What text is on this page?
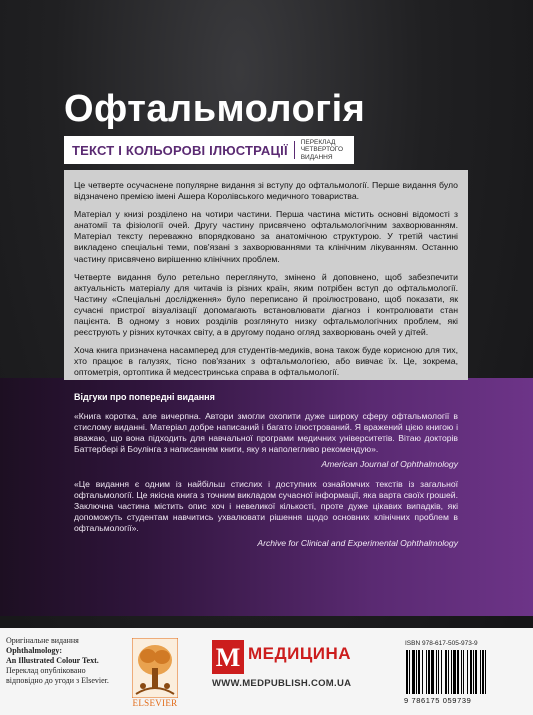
Офтальмологія
ТЕКСТ І КОЛЬОРОВІ ІЛЮСТРАЦІЇ
ПЕРЕКЛАД ЧЕТВЕРТОГО ВИДАННЯ

Це четверте осучаснене популярне видання зі вступу до офтальмології. Перше видання було відзначено премією імені Ашера Королівського медичного товариства.

Матеріал у книзі розділено на чотири частини. Перша частина містить основні відомості з анатомії та фізіології очей. Другу частину присвячено офтальмологічним захворюванням. Матеріал тексту переважно впорядковано за анатомічною структурою. У третій частині викладено спеціальні теми, пов'язані з захворюваннями та клінічним лікуванням. Останню частину присвячено вирішенню клінічних проблем.

Четверте видання було ретельно переглянуто, змінено й доповнено, щоб забезпечити актуальність матеріалу для читачів із різних країн, яким потрібен вступ до офтальмології. Частину «Спеціальні дослідження» було переписано й проілюстровано, щоб показати, як сучасні пристрої візуалізації допомагають встановлювати діагноз і контролювати стан пацієнта. В одному з нових розділів розглянуто низку офтальмологічних проблем, які реєструють у різних куточках світу, а в другому подано огляд захворювань очей у дітей.

Хоча книга призначена насамперед для студентів-медиків, вона також буде корисною для тих, хто працює в галузях, тісно пов'язаних з офтальмологією, або вивчає їх. Це, зокрема, оптометрія, ортоптика й медсестринська справа в офтальмології.

Відгуки про попередні видання

«Книга коротка, але вичерпна. Автори змогли охопити дуже широку сферу офтальмології в стислому виданні. Матеріал добре написаний і багато ілюстрований. Я вражений цією книгою і вважаю, що вона підходить для навчальної програми медичних університетів. Вітаю докторів Баттербері й Боулінга з написанням книги, яку я наполегливо рекомендую».

American Journal of Ophthalmology

«Це видання є одним із найбільш стислих і доступних ознайомчих текстів із загальної офтальмології. Це якісна книга з точним викладом сучасної інформації, яка варта своїх грошей. Заключна частина містить опис хоч і невеликої кількості, проте дуже цікавих випадків, які допоможуть студентам навчитись ухвалювати рішення щодо основних клінічних проблем в офтальмології».

Archive for Clinical and Experimental Ophthalmology

Оригінальне видання
Ophthalmology:
An Illustrated Colour Text.
Переклад опубліковано відповідно до угоди з Elsevier.
ELSEVIER
M МЕДИЦИНА
WWW.MEDPUBLISH.COM.UA
ISBN 978-617-505-973-9
9 786175 059739
